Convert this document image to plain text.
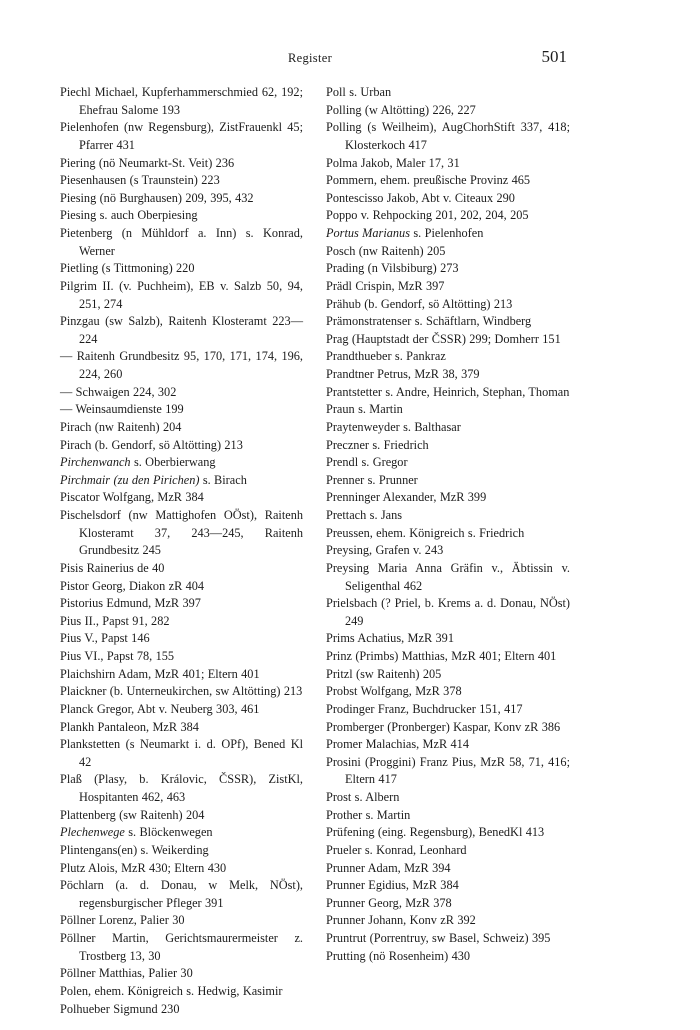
Register	501
Piechl Michael, Kupferhammerschmied 62, 192; Ehefrau Salome 193
Pielenhofen (nw Regensburg), ZistFrauenkl 45; Pfarrer 431
Piering (nö Neumarkt-St. Veit) 236
Piesenhausen (s Traunstein) 223
Piesing (nö Burghausen) 209, 395, 432
Piesing s. auch Oberpiesing
Pietenberg (n Mühldorf a. Inn) s. Konrad, Werner
Pietling (s Tittmoning) 220
Pilgrim II. (v. Puchheim), EB v. Salzb 50, 94, 251, 274
Pinzgau (sw Salzb), Raitenh Klosteramt 223—224
— Raitenh Grundbesitz 95, 170, 171, 174, 196, 224, 260
— Schwaigen 224, 302
— Weinsaumdienste 199
Pirach (nw Raitenh) 204
Pirach (b. Gendorf, sö Altötting) 213
Pirchenwanch s. Oberbierwang
Pirchmair (zu den Pirichen) s. Birach
Piscator Wolfgang, MzR 384
Pischelsdorf (nw Mattighofen OÖst), Raitenh Klosteramt 37, 243—245, Raitenh Grundbesitz 245
Pisis Rainerius de 40
Pistor Georg, Diakon zR 404
Pistorius Edmund, MzR 397
Pius II., Papst 91, 282
Pius V., Papst 146
Pius VI., Papst 78, 155
Plaichshirn Adam, MzR 401; Eltern 401
Plaickner (b. Unterneukirchen, sw Altötting) 213
Planck Gregor, Abt v. Neuberg 303, 461
Plankh Pantaleon, MzR 384
Plankstetten (s Neumarkt i. d. OPf), Bened Kl 42
Plaß (Plasy, b. Královic, ČSSR), ZistKl, Hospitanten 462, 463
Plattenberg (sw Raitenh) 204
Plechenwege s. Blöckenwegen
Plintengans(en) s. Weikerding
Plutz Alois, MzR 430; Eltern 430
Pöchlarn (a. d. Donau, w Melk, NÖst), regensburgischer Pfleger 391
Pöllner Lorenz, Palier 30
Pöllner Martin, Gerichtsmaurermeister z. Trostberg 13, 30
Pöllner Matthias, Palier 30
Polen, ehem. Königreich s. Hedwig, Kasimir
Polhueber Sigmund 230
Poll s. Urban
Polling (w Altötting) 226, 227
Polling (s Weilheim), AugChorhStift 337, 418; Klosterkoch 417
Polma Jakob, Maler 17, 31
Pommern, ehem. preußische Provinz 465
Pontescisso Jakob, Abt v. Citeaux 290
Poppo v. Rehpocking 201, 202, 204, 205
Portus Marianus s. Pielenhofen
Posch (nw Raitenh) 205
Prading (n Vilsbiburg) 273
Prädl Crispin, MzR 397
Prähub (b. Gendorf, sö Altötting) 213
Prämonstratenser s. Schäftlarn, Windberg
Prag (Hauptstadt der ČSSR) 299; Domherr 151
Prandthueber s. Pankraz
Prandtner Petrus, MzR 38, 379
Prantstetter s. Andre, Heinrich, Stephan, Thoman
Praun s. Martin
Praytenweyder s. Balthasar
Preczner s. Friedrich
Prendl s. Gregor
Prenner s. Prunner
Prenninger Alexander, MzR 399
Prettach s. Jans
Preussen, ehem. Königreich s. Friedrich
Preysing, Grafen v. 243
Preysing Maria Anna Gräfin v., Äbtissin v. Seligenthal 462
Prielsbach (? Priel, b. Krems a. d. Donau, NÖst) 249
Prims Achatius, MzR 391
Prinz (Primbs) Matthias, MzR 401; Eltern 401
Pritzl (sw Raitenh) 205
Probst Wolfgang, MzR 378
Prodinger Franz, Buchdrucker 151, 417
Promberger (Pronberger) Kaspar, Konv zR 386
Promer Malachias, MzR 414
Prosini (Proggini) Franz Pius, MzR 58, 71, 416; Eltern 417
Prost s. Albern
Prother s. Martin
Prüfening (eing. Regensburg), BenedKl 413
Prueler s. Konrad, Leonhard
Prunner Adam, MzR 394
Prunner Egidius, MzR 384
Prunner Georg, MzR 378
Prunner Johann, Konv zR 392
Pruntrut (Porrentruy, sw Basel, Schweiz) 395
Prutting (nö Rosenheim) 430
